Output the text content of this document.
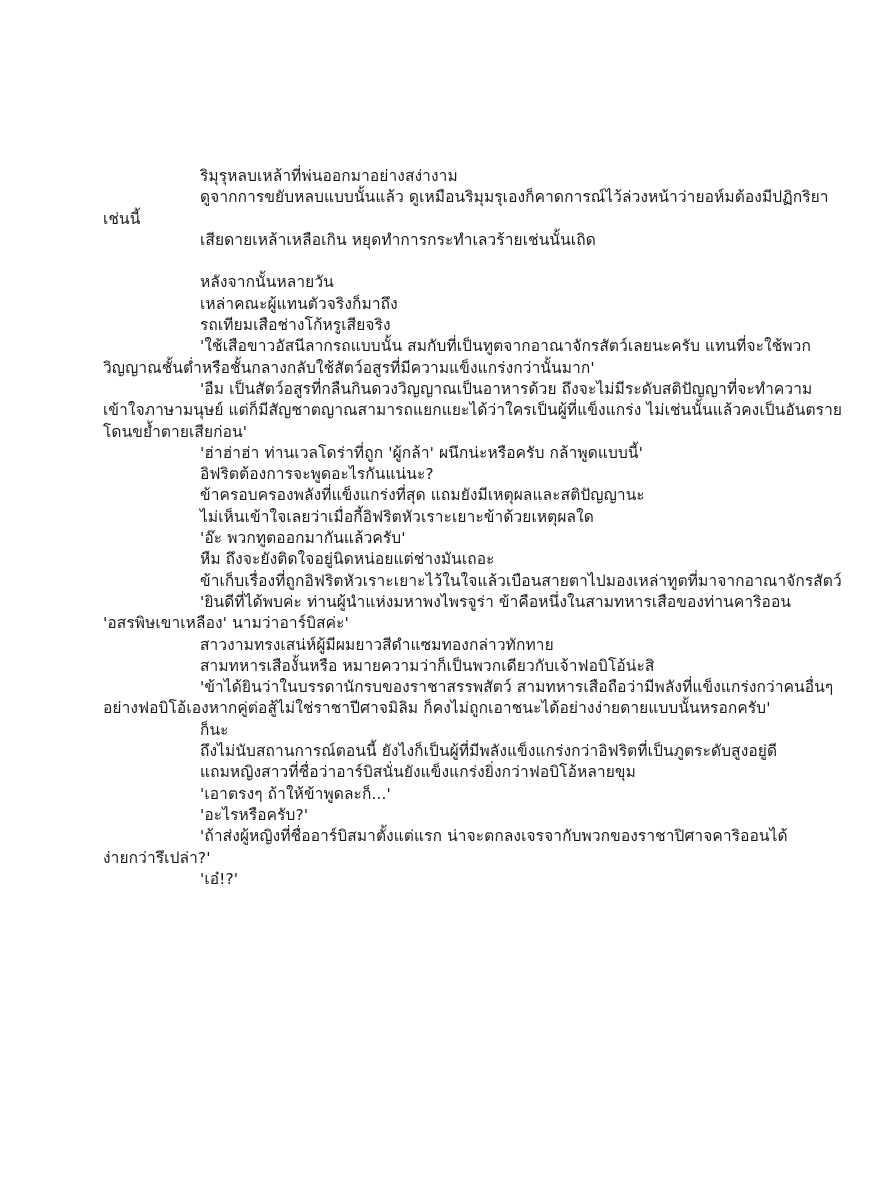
ริมุรุหลบเหล้าที่พ่นออกมาอย่างสง่างาม
ดูจากการขยับหลบแบบนั้นแล้ว ดูเหมือนริมุมรุเองก็คาดการณ์ไว้ล่วงหน้าว่ายอห์มต้องมีปฏิกริยา
เช่นนี้
เสียดายเหล้าเหลือเกิน หยุดทำการกระทำเลวร้ายเช่นนั้นเถิด
หลังจากนั้นหลายวัน
เหล่าคณะผู้แทนตัวจริงก็มาถึง
รถเทียมเสือช่างโก้หรูเสียจริง
'ใช้เสือขาวอัสนีลากรถแบบนั้น สมกับที่เป็นทูตจากอาณาจักรสัตว์เลยนะครับ แทนที่จะใช้พวก
วิญญาณชั้นต่ำหรือชั้นกลางกลับใช้สัตว์อสูรที่มีความแข็งแกร่งกว่านั้นมาก'
'อืม เป็นสัตว์อสูรที่กลืนกินดวงวิญญาณเป็นอาหารด้วย ถึงจะไม่มีระดับสติปัญญาที่จะทำความ
เข้าใจภาษามนุษย์ แต่ก็มีสัญชาตญาณสามารถแยกแยะได้ว่าใครเป็นผู้ที่แข็งแกร่ง ไม่เช่นนั้นแล้วคงเป็นอันตราย
โดนขย้ำตายเสียก่อน'
'ฮ่าฮ่าฮ่า ท่านเวลโดร่าที่ถูก 'ผู้กล้า' ผนึกน่ะหรือครับ กล้าพูดแบบนี้'
อิฟริตต้องการจะพูดอะไรกันแน่นะ?
ข้าครอบครองพลังที่แข็งแกร่งที่สุด แถมยังมีเหตุผลและสติปัญญานะ
ไม่เห็นเข้าใจเลยว่าเมื่อกี้อิฟริตหัวเราะเยาะข้าด้วยเหตุผลใด
'อ๊ะ พวกทูตออกมากันแล้วครับ'
หืม ถึงจะยังติดใจอยู่นิดหน่อยแต่ช่างมันเถอะ
ข้าเก็บเรื่องที่ถูกอิฟริตหัวเราะเยาะไว้ในใจแล้วเบือนสายตาไปมองเหล่าทูตที่มาจากอาณาจักรสัตว์
'ยินดีที่ได้พบค่ะ ท่านผู้นำแห่งมหาพงไพรจูร่า ข้าคือหนึ่งในสามทหารเสือของท่านคาริออน
'อสรพิษเขาเหลือง' นามว่าอาร์บิสค่ะ'
สาวงามทรงเสน่ห์ผู้มีผมยาวสีดำแซมทองกล่าวทักทาย
สามทหารเสืองั้นหรือ หมายความว่าก็เป็นพวกเดียวกับเจ้าฟอบิโอ้น่ะสิ
'ข้าได้ยินว่าในบรรดานักรบของราชาสรรพสัตว์ สามทหารเสือถือว่ามีพลังที่แข็งแกร่งกว่าคนอื่นๆ
อย่างฟอบิโอ้เองหากคู่ต่อสู้ไม่ใช่ราชาปีศาจมิลิม ก็คงไม่ถูกเอาชนะได้อย่างง่ายดายแบบนั้นหรอกครับ'
ก็นะ
ถึงไม่นับสถานการณ์ตอนนี้ ยังไงก็เป็นผู้ที่มีพลังแข็งแกร่งกว่าอิฟริตที่เป็นภูตระดับสูงอยู่ดี
แถมหญิงสาวที่ชื่อว่าอาร์บิสนั่นยังแข็งแกร่งยิ่งกว่าฟอบิโอ้หลายขุม
'เอาตรงๆ ถ้าให้ข้าพูดละก็...'
'อะไรหรือครับ?'
'ถ้าส่งผู้หญิงที่ชื่ออาร์บิสมาตั้งแต่แรก น่าจะตกลงเจรจากับพวกของราชาปิศาจคาริออนได้
ง่ายกว่ารึเปล่า?'
'เอ๋!?'
